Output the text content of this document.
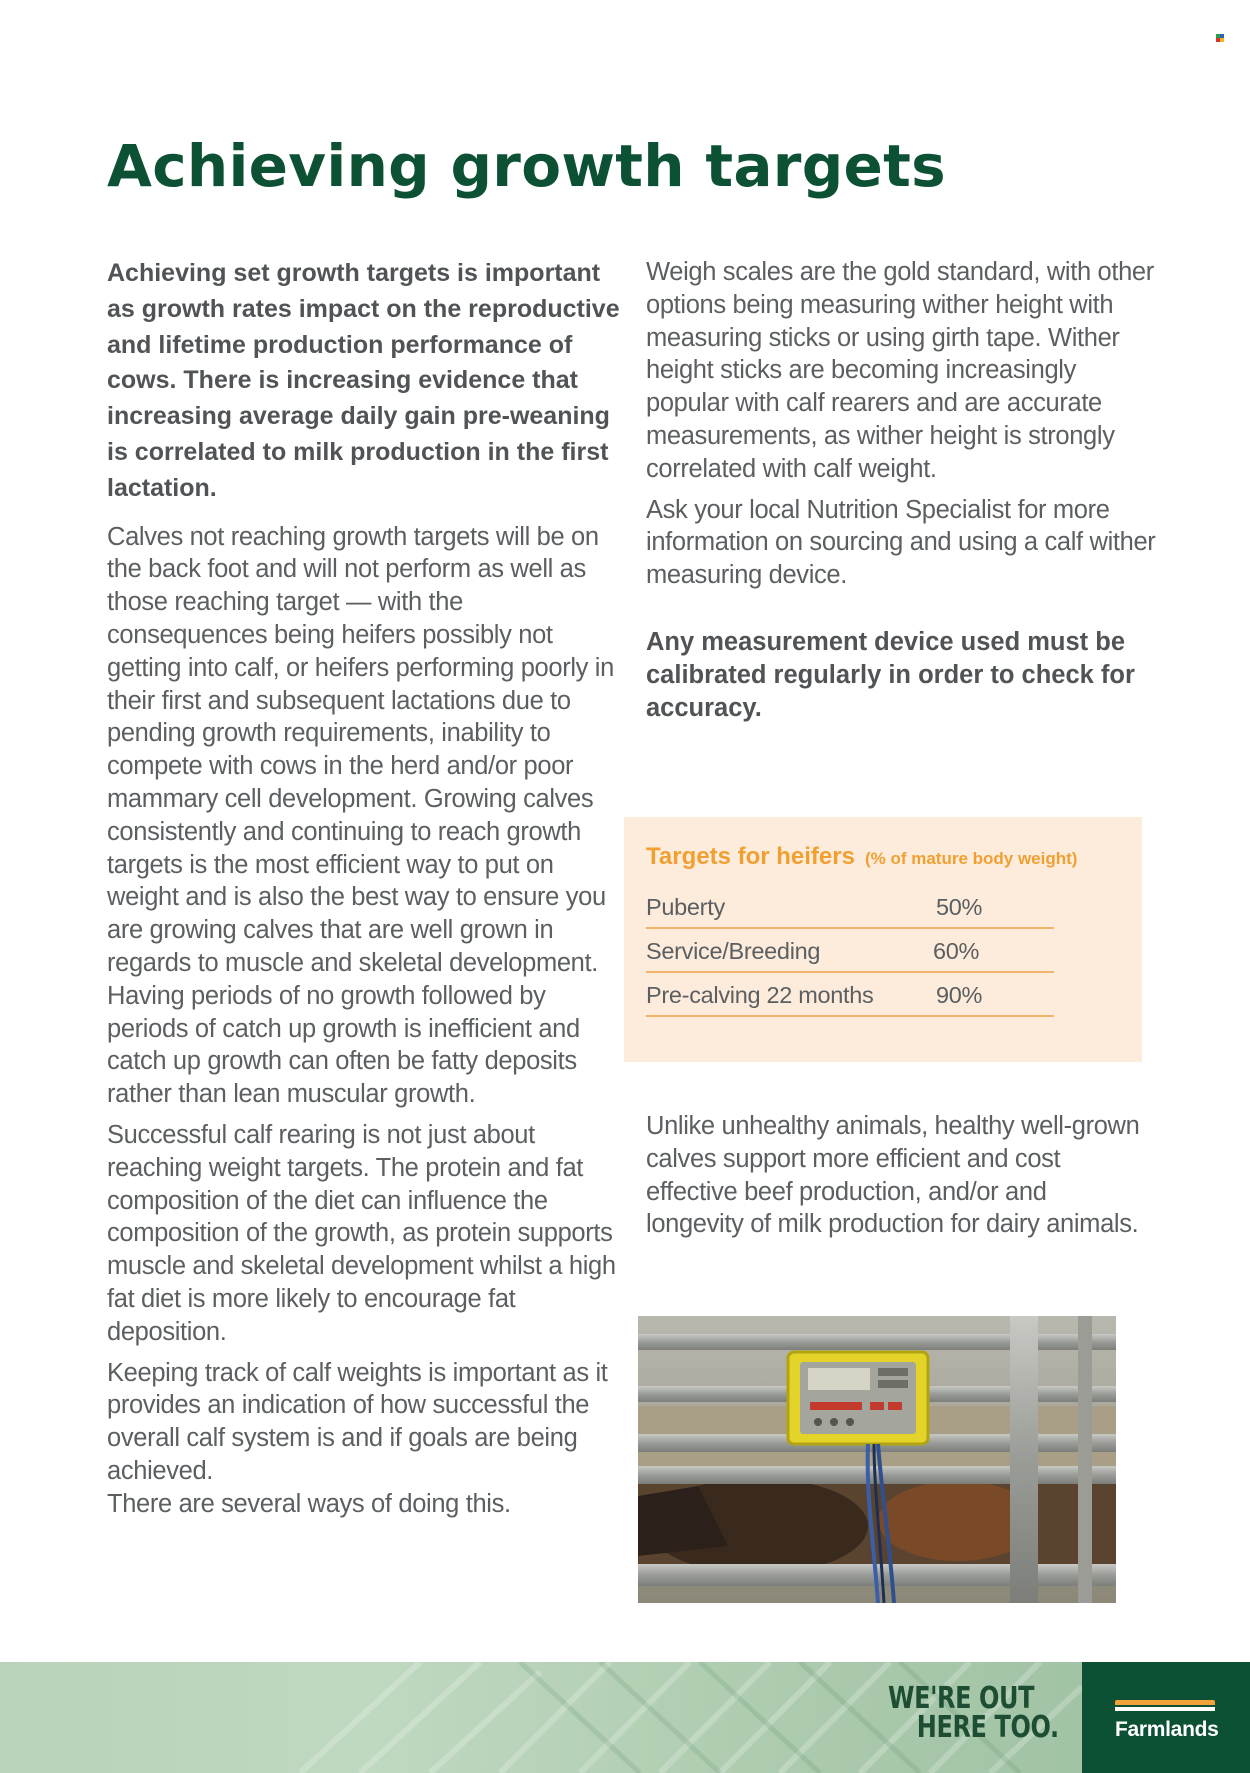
Achieving growth targets

Achieving set growth targets is important as growth rates impact on the reproductive and lifetime production performance of cows. There is increasing evidence that increasing average daily gain pre-weaning is correlated to milk production in the first lactation.

Calves not reaching growth targets will be on the back foot and will not perform as well as those reaching target — with the consequences being heifers possibly not getting into calf, or heifers performing poorly in their first and subsequent lactations due to pending growth requirements, inability to compete with cows in the herd and/or poor mammary cell development. Growing calves consistently and continuing to reach growth targets is the most efficient way to put on weight and is also the best way to ensure you are growing calves that are well grown in regards to muscle and skeletal development. Having periods of no growth followed by periods of catch up growth is inefficient and catch up growth can often be fatty deposits rather than lean muscular growth.

Successful calf rearing is not just about reaching weight targets. The protein and fat composition of the diet can influence the composition of the growth, as protein supports muscle and skeletal development whilst a high fat diet is more likely to encourage fat deposition.

Keeping track of calf weights is important as it provides an indication of how successful the overall calf system is and if goals are being achieved.

There are several ways of doing this.

Weigh scales are the gold standard, with other options being measuring wither height with measuring sticks or using girth tape. Wither height sticks are becoming increasingly popular with calf rearers and are accurate measurements, as wither height is strongly correlated with calf weight.

Ask your local Nutrition Specialist for more information on sourcing and using a calf wither measuring device.

Any measurement device used must be calibrated regularly in order to check for accuracy.

Targets for heifers (% of mature body weight)
Puberty	50%
Service/Breeding	60%
Pre-calving 22 months	90%

Unlike unhealthy animals, healthy well-grown calves support more efficient and cost effective beef production, and/or and longevity of milk production for dairy animals.

WE'RE OUT
HERE TOO.	Farmlands
